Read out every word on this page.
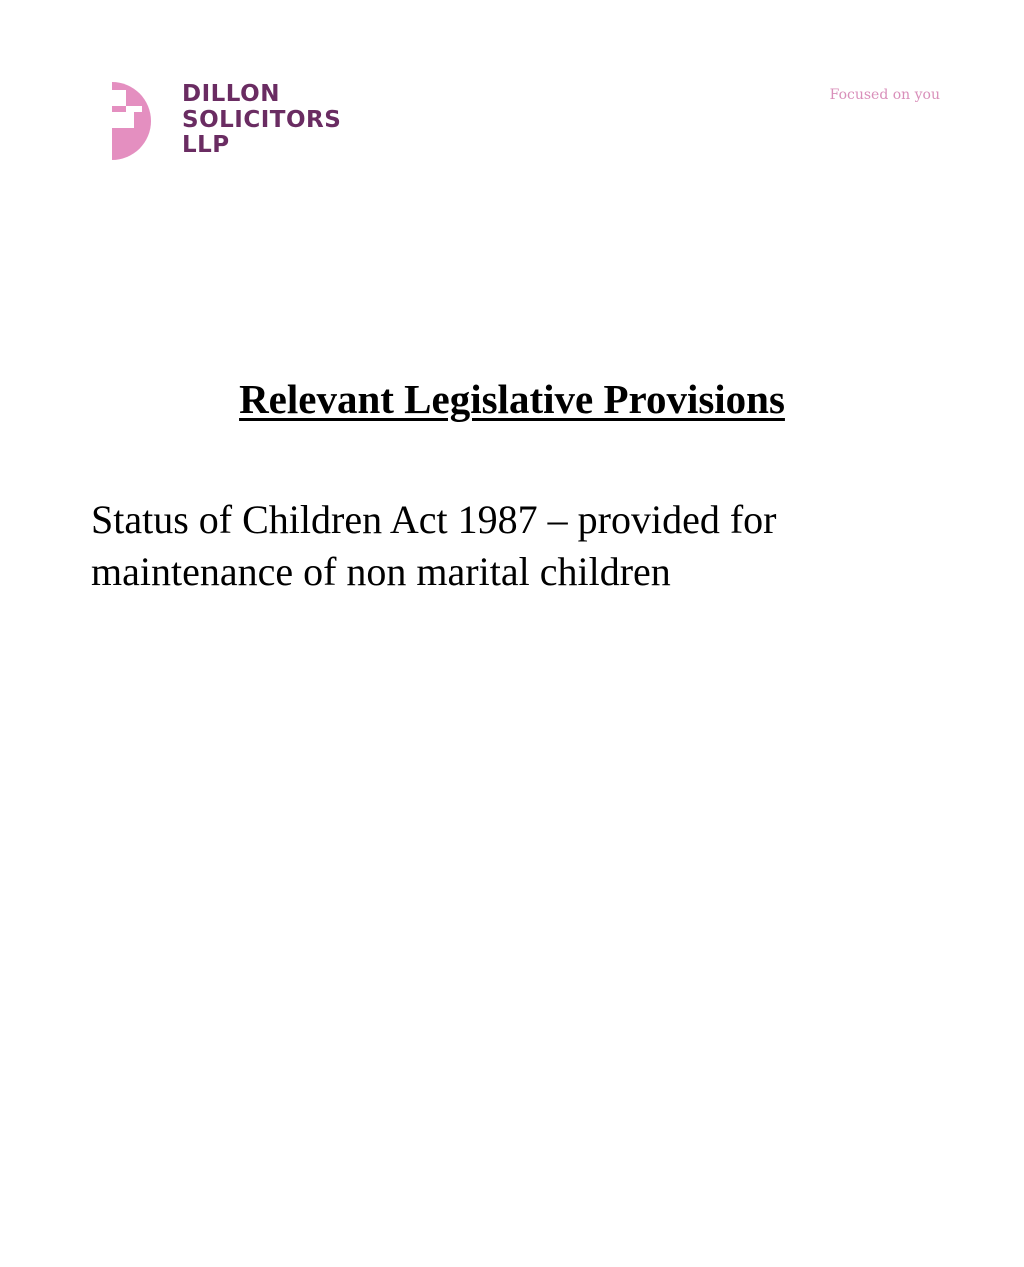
DILLON
SOLICITORS
LLP
Focused on you
Relevant Legislative Provisions
Status of Children Act 1987 – provided for maintenance of non marital children
